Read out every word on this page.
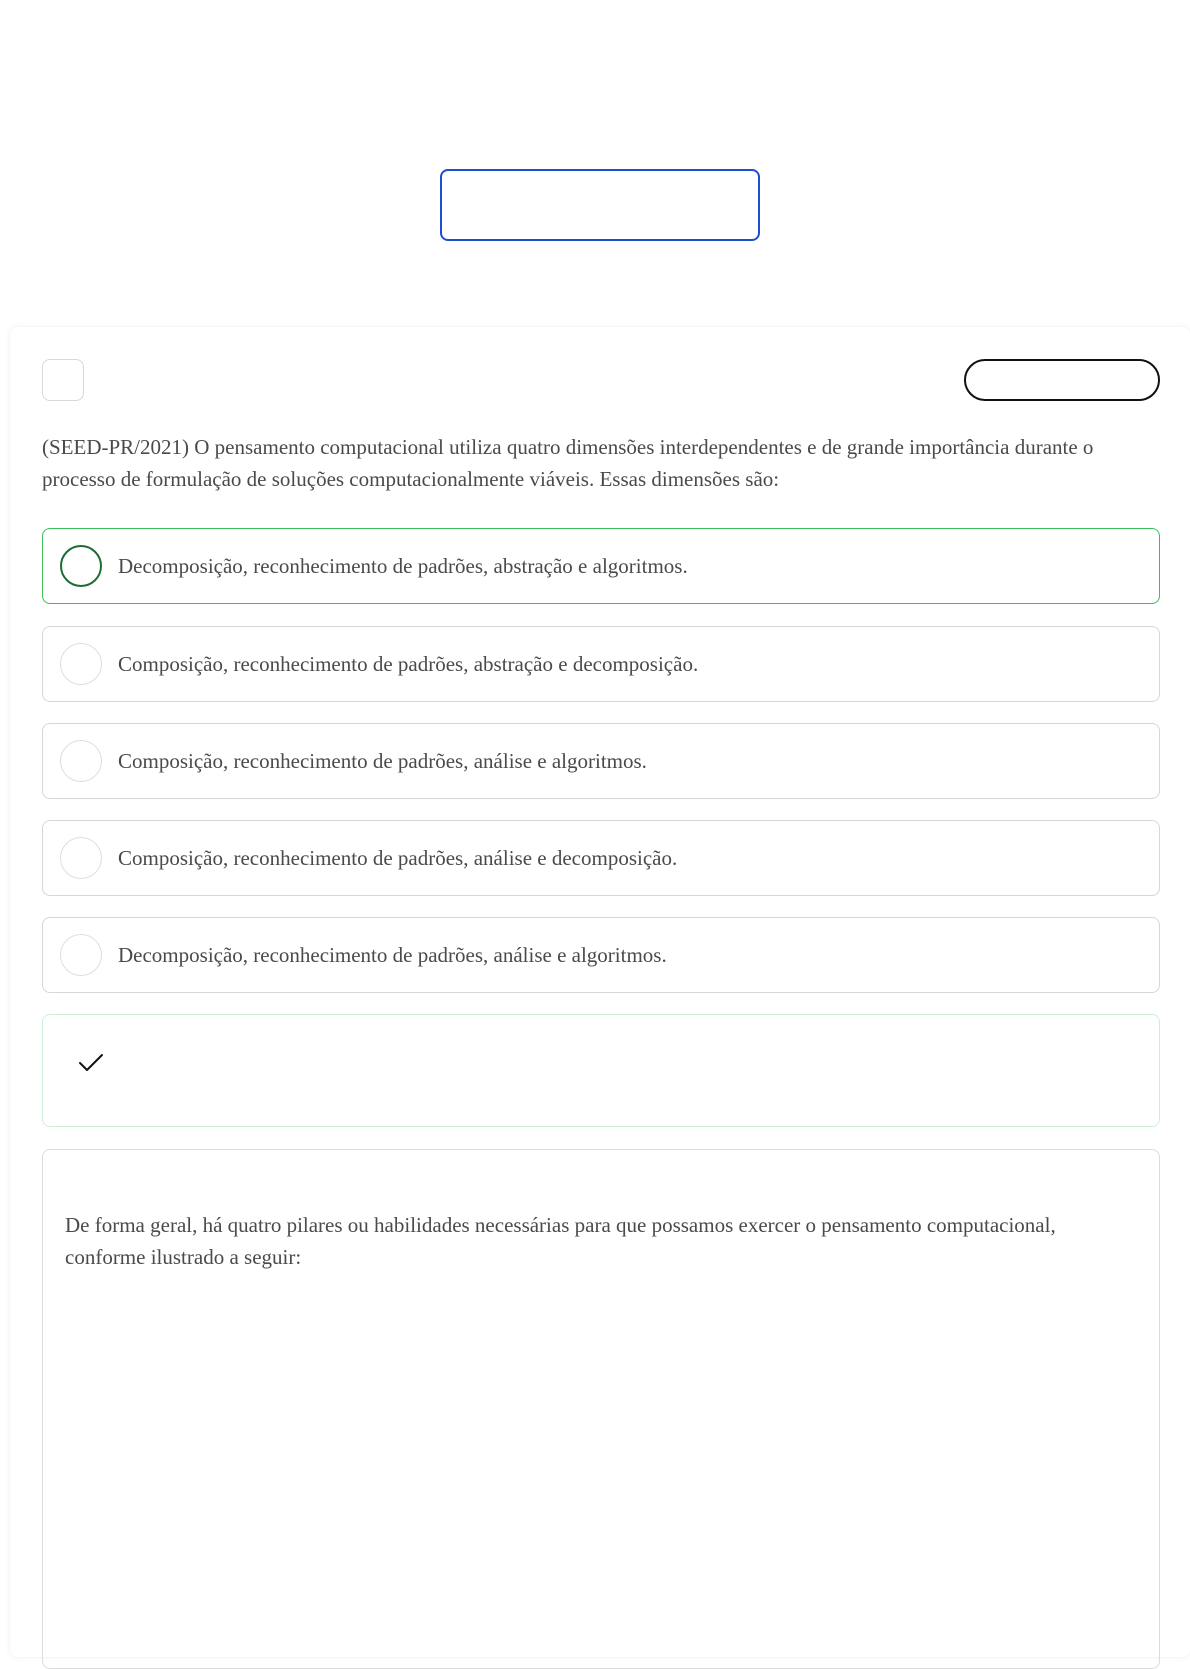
(SEED-PR/2021) O pensamento computacional utiliza quatro dimensões interdependentes e de grande importância durante o processo de formulação de soluções computacionalmente viáveis. Essas dimensões são:

Decomposição, reconhecimento de padrões, abstração e algoritmos.
Composição, reconhecimento de padrões, abstração e decomposição.
Composição, reconhecimento de padrões, análise e algoritmos.
Composição, reconhecimento de padrões, análise e decomposição.
Decomposição, reconhecimento de padrões, análise e algoritmos.

De forma geral, há quatro pilares ou habilidades necessárias para que possamos exercer o pensamento computacional, conforme ilustrado a seguir:
